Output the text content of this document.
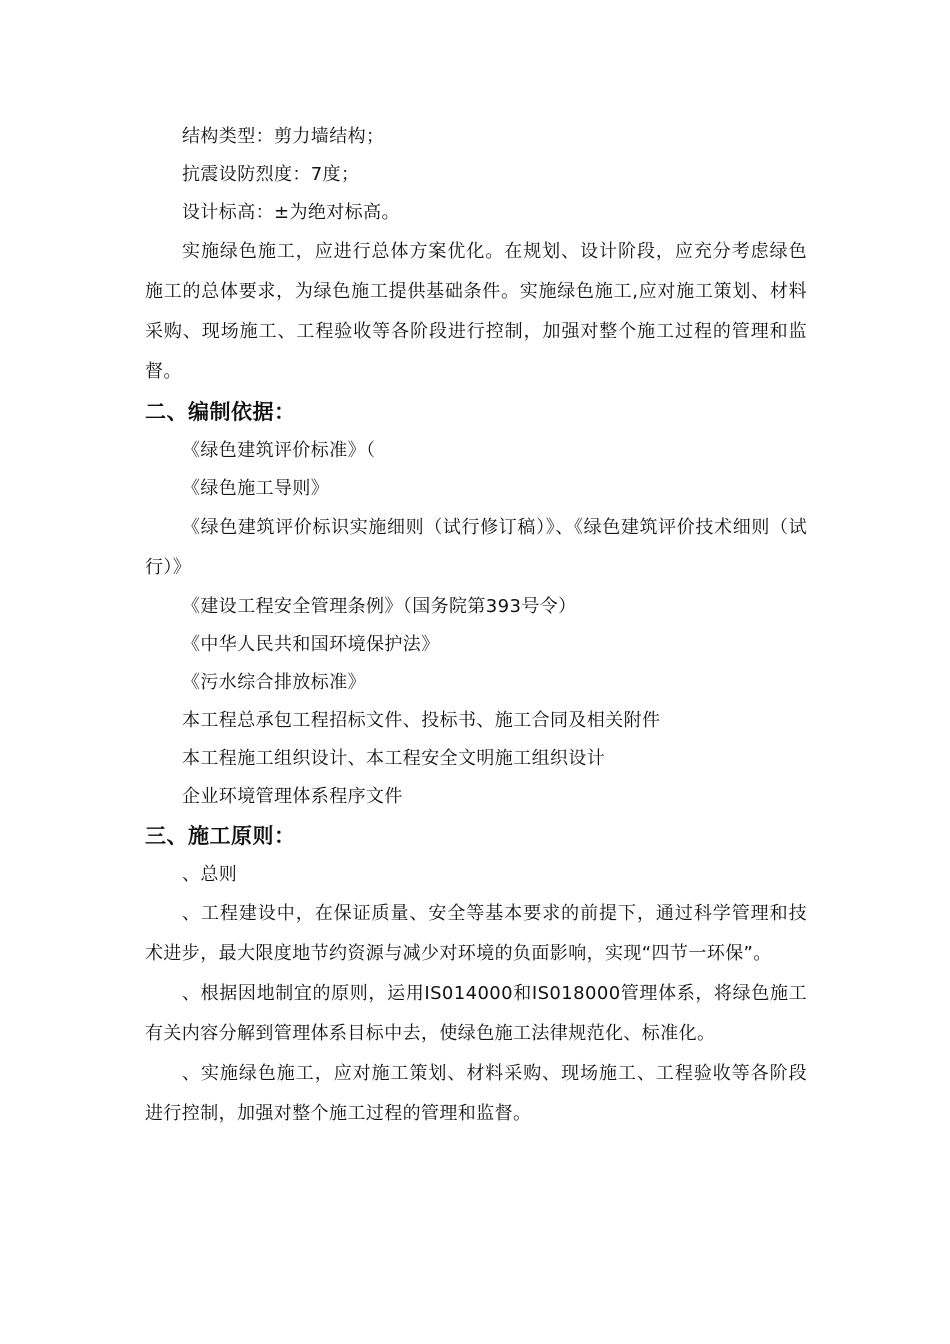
结构类型：剪力墙结构；
抗震设防烈度：7度；
设计标高：±为绝对标高。
实施绿色施工，应进行总体方案优化。在规划、设计阶段，应充分考虑绿色施工的总体要求，为绿色施工提供基础条件。实施绿色施工,应对施工策划、材料采购、现场施工、工程验收等各阶段进行控制，加强对整个施工过程的管理和监督。
二、编制依据：
《绿色建筑评价标准》（
《绿色施工导则》
《绿色建筑评价标识实施细则（试行修订稿）》、《绿色建筑评价技术细则（试行）》
《建设工程安全管理条例》（国务院第393号令）
《中华人民共和国环境保护法》
《污水综合排放标准》
本工程总承包工程招标文件、投标书、施工合同及相关附件
本工程施工组织设计、本工程安全文明施工组织设计
企业环境管理体系程序文件
三、施工原则：
、总则
、工程建设中，在保证质量、安全等基本要求的前提下，通过科学管理和技术进步，最大限度地节约资源与减少对环境的负面影响，实现“四节一环保”。
、根据因地制宜的原则，运用IS014000和IS018000管理体系，将绿色施工有关内容分解到管理体系目标中去，使绿色施工法律规范化、标准化。
、实施绿色施工，应对施工策划、材料采购、现场施工、工程验收等各阶段进行控制，加强对整个施工过程的管理和监督。
